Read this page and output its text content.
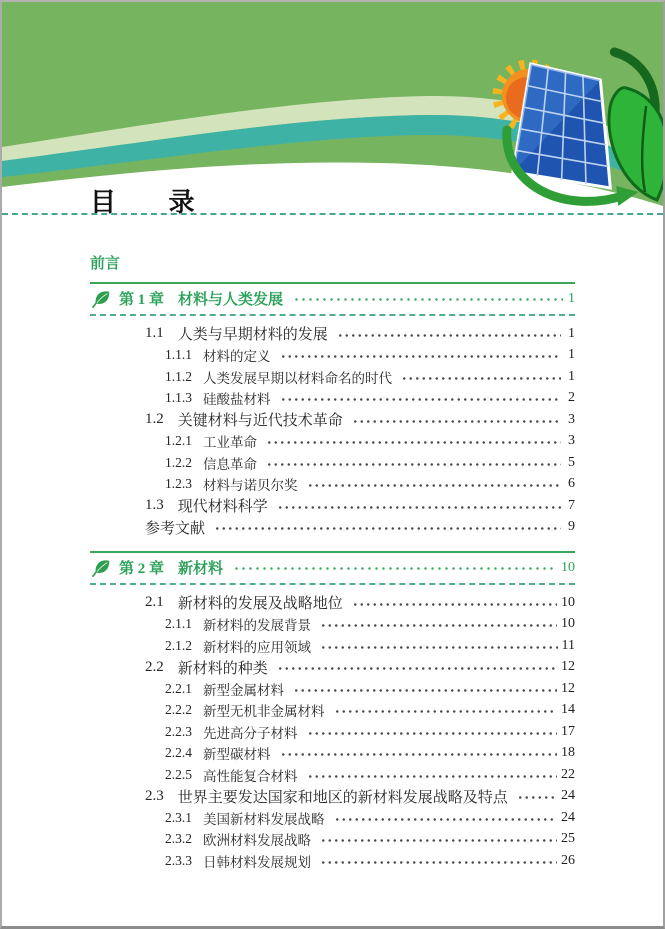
目 录
前言
第 1 章 材料与人类发展	1
1.1 人类与早期材料的发展	1
1.1.1 材料的定义	1
1.1.2 人类发展早期以材料命名的时代	1
1.1.3 硅酸盐材料	2
1.2 关键材料与近代技术革命	3
1.2.1 工业革命	3
1.2.2 信息革命	5
1.2.3 材料与诺贝尔奖	6
1.3 现代材料科学	7
参考文献	9
第 2 章 新材料	10
2.1 新材料的发展及战略地位	10
2.1.1 新材料的发展背景	10
2.1.2 新材料的应用领域	11
2.2 新材料的种类	12
2.2.1 新型金属材料	12
2.2.2 新型无机非金属材料	14
2.2.3 先进高分子材料	17
2.2.4 新型碳材料	18
2.2.5 高性能复合材料	22
2.3 世界主要发达国家和地区的新材料发展战略及特点	24
2.3.1 美国新材料发展战略	24
2.3.2 欧洲材料发展战略	25
2.3.3 日韩材料发展规划	26
